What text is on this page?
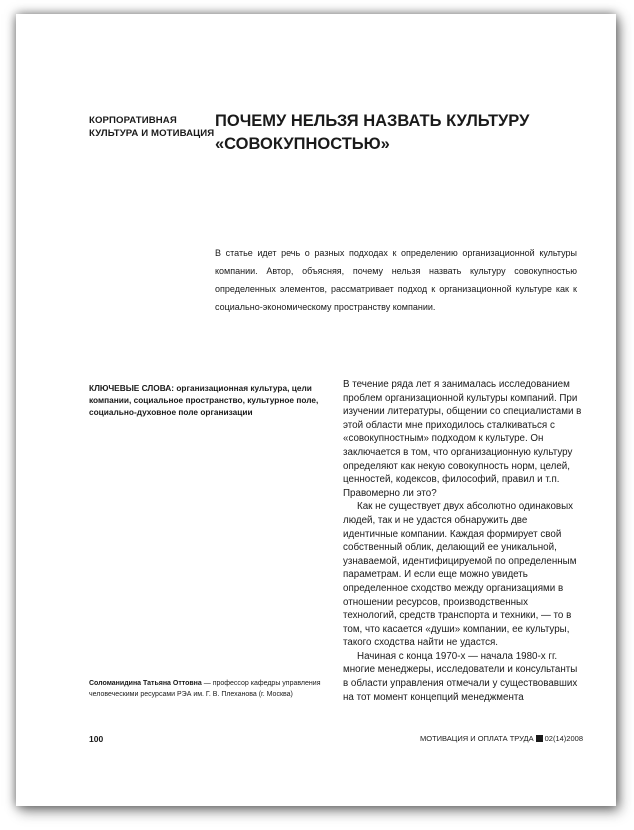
КОРПОРАТИВНАЯ
КУЛЬТУРА И МОТИВАЦИЯ
ПОЧЕМУ НЕЛЬЗЯ НАЗВАТЬ КУЛЬТУРУ
«СОВОКУПНОСТЬЮ»

В статье идет речь о разных подходах к определению организационной культуры компании. Автор, объясняя, почему нельзя назвать культуру совокупностью определенных элементов, рассматривает подход к организационной культуре как к социально-экономическому пространству компании.

КЛЮЧЕВЫЕ СЛОВА: организационная культура, цели компании, социальное пространство, культурное поле, социально-духовное поле организации

В течение ряда лет я занималась исследованием проблем организационной культуры компаний. При изучении литературы, общении со специалистами в этой области мне приходилось сталкиваться с «совокупностным» подходом к культуре. Он заключается в том, что организационную культуру определяют как некую совокупность норм, целей, ценностей, кодексов, философий, правил и т.п. Правомерно ли это?

Как не существует двух абсолютно одинаковых людей, так и не удастся обнаружить две идентичные компании. Каждая формирует свой собственный облик, делающий ее уникальной, узнаваемой, идентифицируемой по определенным параметрам. И если еще можно увидеть определенное сходство между организациями в отношении ресурсов, производственных технологий, средств транспорта и техники, — то в том, что касается «души» компании, ее культуры, такого сходства найти не удастся.

Начиная с конца 1970-х — начала 1980-х гг. многие менеджеры, исследователи и консультанты в области управления отмечали у существовавших на тот момент концепций менеджмента

Соломанидина Татьяна Оттовна — профессор кафедры управления человеческими ресурсами РЭА им. Г. В. Плеханова (г. Москва)

100	МОТИВАЦИЯ И ОПЛАТА ТРУДА 02(14)2008
